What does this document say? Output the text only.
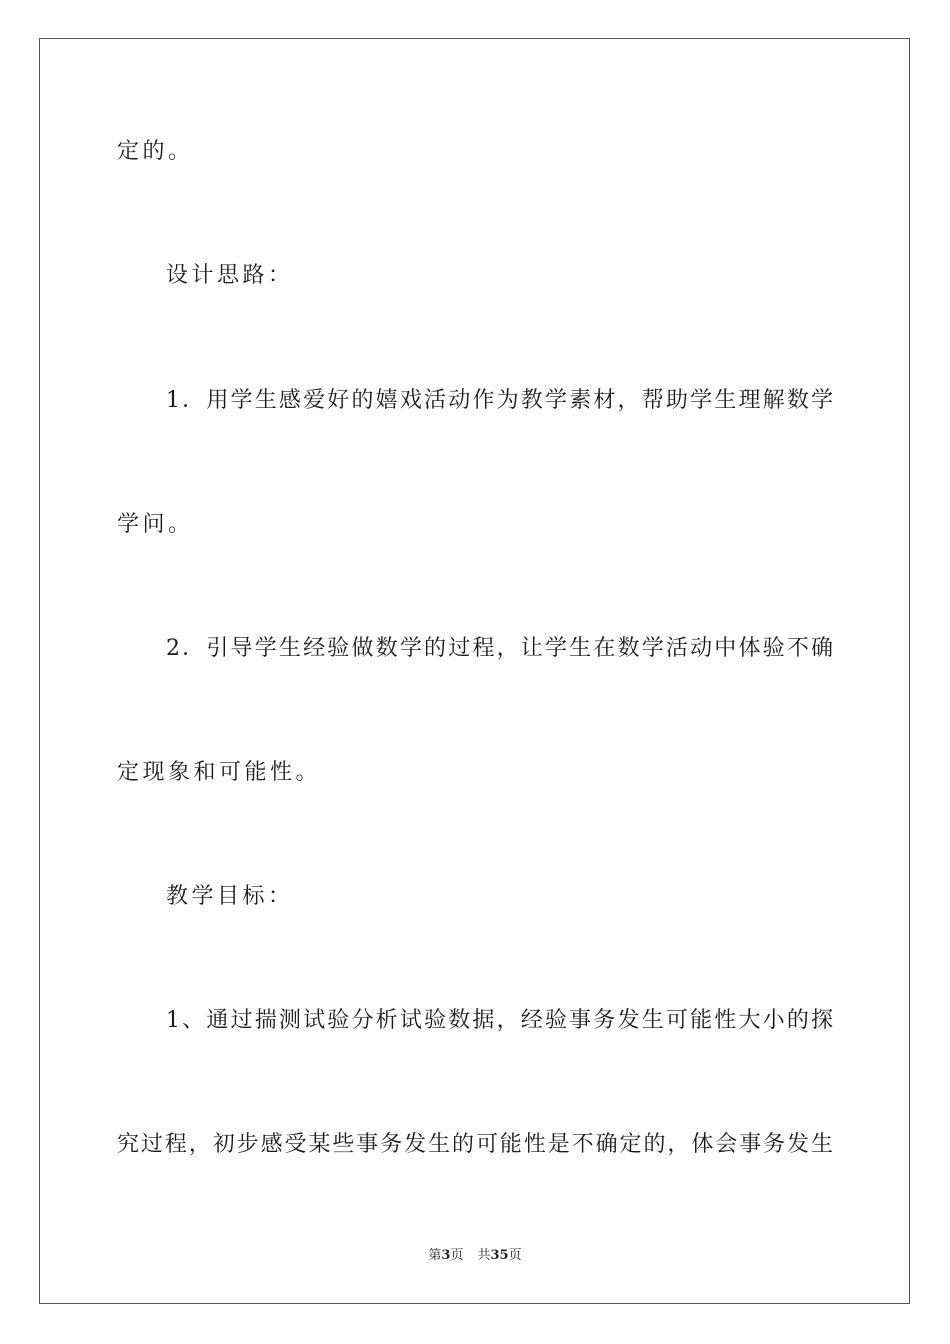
定的。

设计思路：

1．用学生感爱好的嬉戏活动作为教学素材，帮助学生理解数学

学问。

2．引导学生经验做数学的过程，让学生在数学活动中体验不确

定现象和可能性。

教学目标：

1、通过揣测试验分析试验数据，经验事务发生可能性大小的探

究过程，初步感受某些事务发生的可能性是不确定的，体会事务发生

第3页 共35页
